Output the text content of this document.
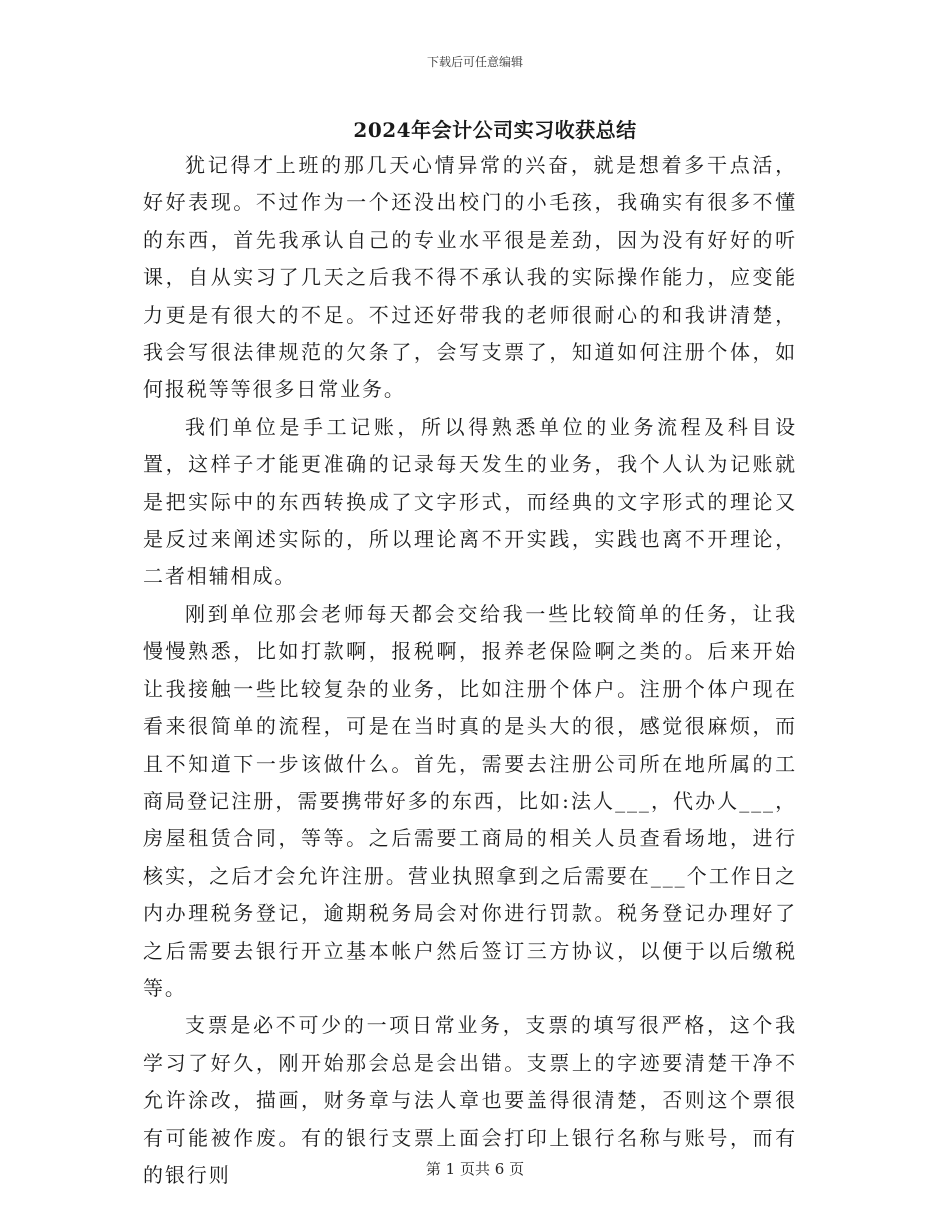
下载后可任意编辑
2024年会计公司实习收获总结

犹记得才上班的那几天心情异常的兴奋，就是想着多干点活，好好表现。不过作为一个还没出校门的小毛孩，我确实有很多不懂的东西，首先我承认自己的专业水平很是差劲，因为没有好好的听课，自从实习了几天之后我不得不承认我的实际操作能力，应变能力更是有很大的不足。不过还好带我的老师很耐心的和我讲清楚，我会写很法律规范的欠条了，会写支票了，知道如何注册个体，如何报税等等很多日常业务。

我们单位是手工记账，所以得熟悉单位的业务流程及科目设置，这样子才能更准确的记录每天发生的业务，我个人认为记账就是把实际中的东西转换成了文字形式，而经典的文字形式的理论又是反过来阐述实际的，所以理论离不开实践，实践也离不开理论，二者相辅相成。

刚到单位那会老师每天都会交给我一些比较简单的任务，让我慢慢熟悉，比如打款啊，报税啊，报养老保险啊之类的。后来开始让我接触一些比较复杂的业务，比如注册个体户。注册个体户现在看来很简单的流程，可是在当时真的是头大的很，感觉很麻烦，而且不知道下一步该做什么。首先，需要去注册公司所在地所属的工商局登记注册，需要携带好多的东西，比如:法人___，代办人___，房屋租赁合同，等等。之后需要工商局的相关人员查看场地，进行核实，之后才会允许注册。营业执照拿到之后需要在___个工作日之内办理税务登记，逾期税务局会对你进行罚款。税务登记办理好了之后需要去银行开立基本帐户然后签订三方协议，以便于以后缴税等。

支票是必不可少的一项日常业务，支票的填写很严格，这个我学习了好久，刚开始那会总是会出错。支票上的字迹要清楚干净不允许涂改，描画，财务章与法人章也要盖得很清楚，否则这个票很有可能被作废。有的银行支票上面会打印上银行名称与账号，而有的银行则	第 1 页共 6 页
